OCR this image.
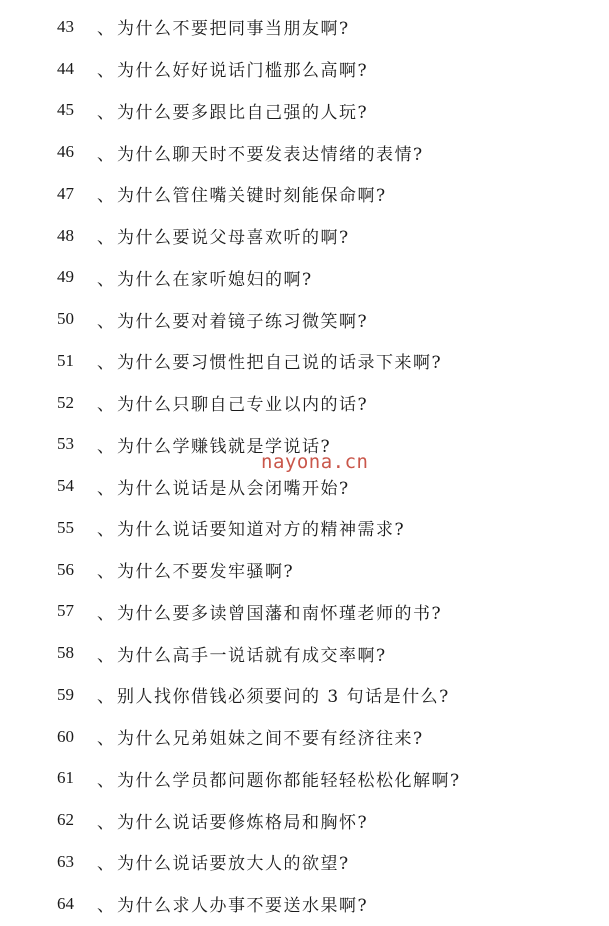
43	、 为什么不要把同事当朋友啊?
44	、 为什么好好说话门槛那么高啊?
45	、 为什么要多跟比自己强的人玩?
46	、 为什么聊天时不要发表达情绪的表情?
47	、 为什么管住嘴关键时刻能保命啊?
48	、 为什么要说父母喜欢听的啊?
49	、 为什么在家听媳妇的啊?
50	、 为什么要对着镜子练习微笑啊?
51	、 为什么要习惯性把自己说的话录下来啊?
52	、 为什么只聊自己专业以内的话?
53	、 为什么学赚钱就是学说话?
54	、 为什么说话是从会闭嘴开始?
55	、 为什么说话要知道对方的精神需求?
56	、 为什么不要发牢骚啊?
57	、 为什么要多读曾国藩和南怀瑾老师的书?
58	、 为什么高手一说话就有成交率啊?
59	、 别人找你借钱必须要问的 3 句话是什么?
60	、 为什么兄弟姐妹之间不要有经济往来?
61	、 为什么学员都问题你都能轻轻松松化解啊?
62	、 为什么说话要修炼格局和胸怀?
63	、 为什么说话要放大人的欲望?
64	、 为什么求人办事不要送水果啊?
nayona.cn
